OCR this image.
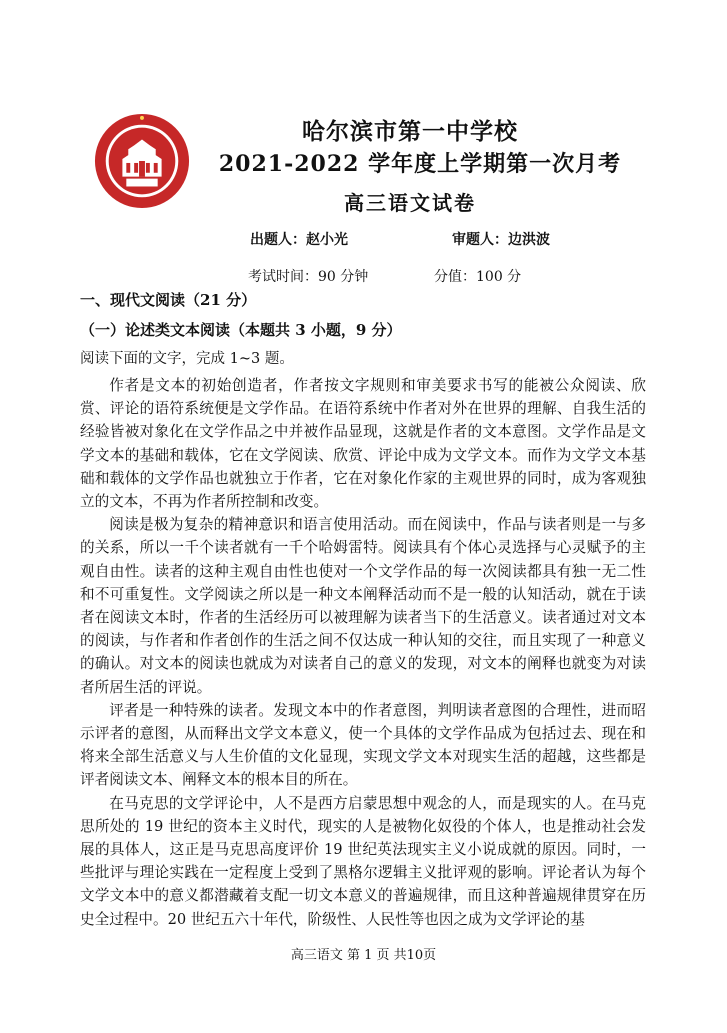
哈尔滨市第一中学校
2021-2022 学年度上学期第一次月考
高三语文试卷
出题人：赵小光	审题人：边洪波
考试时间：90 分钟	分值：100 分
一、现代文阅读（21 分）
（一）论述类文本阅读（本题共 3 小题，9 分）
阅读下面的文字，完成 1~3 题。

作者是文本的初始创造者，作者按文字规则和审美要求书写的能被公众阅读、欣赏、评论的语符系统便是文学作品。在语符系统中作者对外在世界的理解、自我生活的经验皆被对象化在文学作品之中并被作品显现，这就是作者的文本意图。文学作品是文学文本的基础和载体，它在文学阅读、欣赏、评论中成为文学文本。而作为文学文本基础和载体的文学作品也就独立于作者，它在对象化作家的主观世界的同时，成为客观独立的文本，不再为作者所控制和改变。

阅读是极为复杂的精神意识和语言使用活动。而在阅读中，作品与读者则是一与多的关系，所以一千个读者就有一千个哈姆雷特。阅读具有个体心灵选择与心灵赋予的主观自由性。读者的这种主观自由性也使对一个文学作品的每一次阅读都具有独一无二性和不可重复性。文学阅读之所以是一种文本阐释活动而不是一般的认知活动，就在于读者在阅读文本时，作者的生活经历可以被理解为读者当下的生活意义。读者通过对文本的阅读，与作者和作者创作的生活之间不仅达成一种认知的交往，而且实现了一种意义的确认。对文本的阅读也就成为对读者自己的意义的发现，对文本的阐释也就变为对读者所居生活的评说。

评者是一种特殊的读者。发现文本中的作者意图，判明读者意图的合理性，进而昭示评者的意图，从而释出文学文本意义，使一个具体的文学作品成为包括过去、现在和将来全部生活意义与人生价值的文化显现，实现文学文本对现实生活的超越，这些都是评者阅读文本、阐释文本的根本目的所在。

在马克思的文学评论中，人不是西方启蒙思想中观念的人，而是现实的人。在马克思所处的 19 世纪的资本主义时代，现实的人是被物化奴役的个体人，也是推动社会发展的具体人，这正是马克思高度评价 19 世纪英法现实主义小说成就的原因。同时，一些批评与理论实践在一定程度上受到了黑格尔逻辑主义批评观的影响。评论者认为每个文学文本中的意义都潜藏着支配一切文本意义的普遍规律，而且这种普遍规律贯穿在历史全过程中。20 世纪五六十年代，阶级性、人民性等也因之成为文学评论的基

高三语文 第 1 页 共10页
